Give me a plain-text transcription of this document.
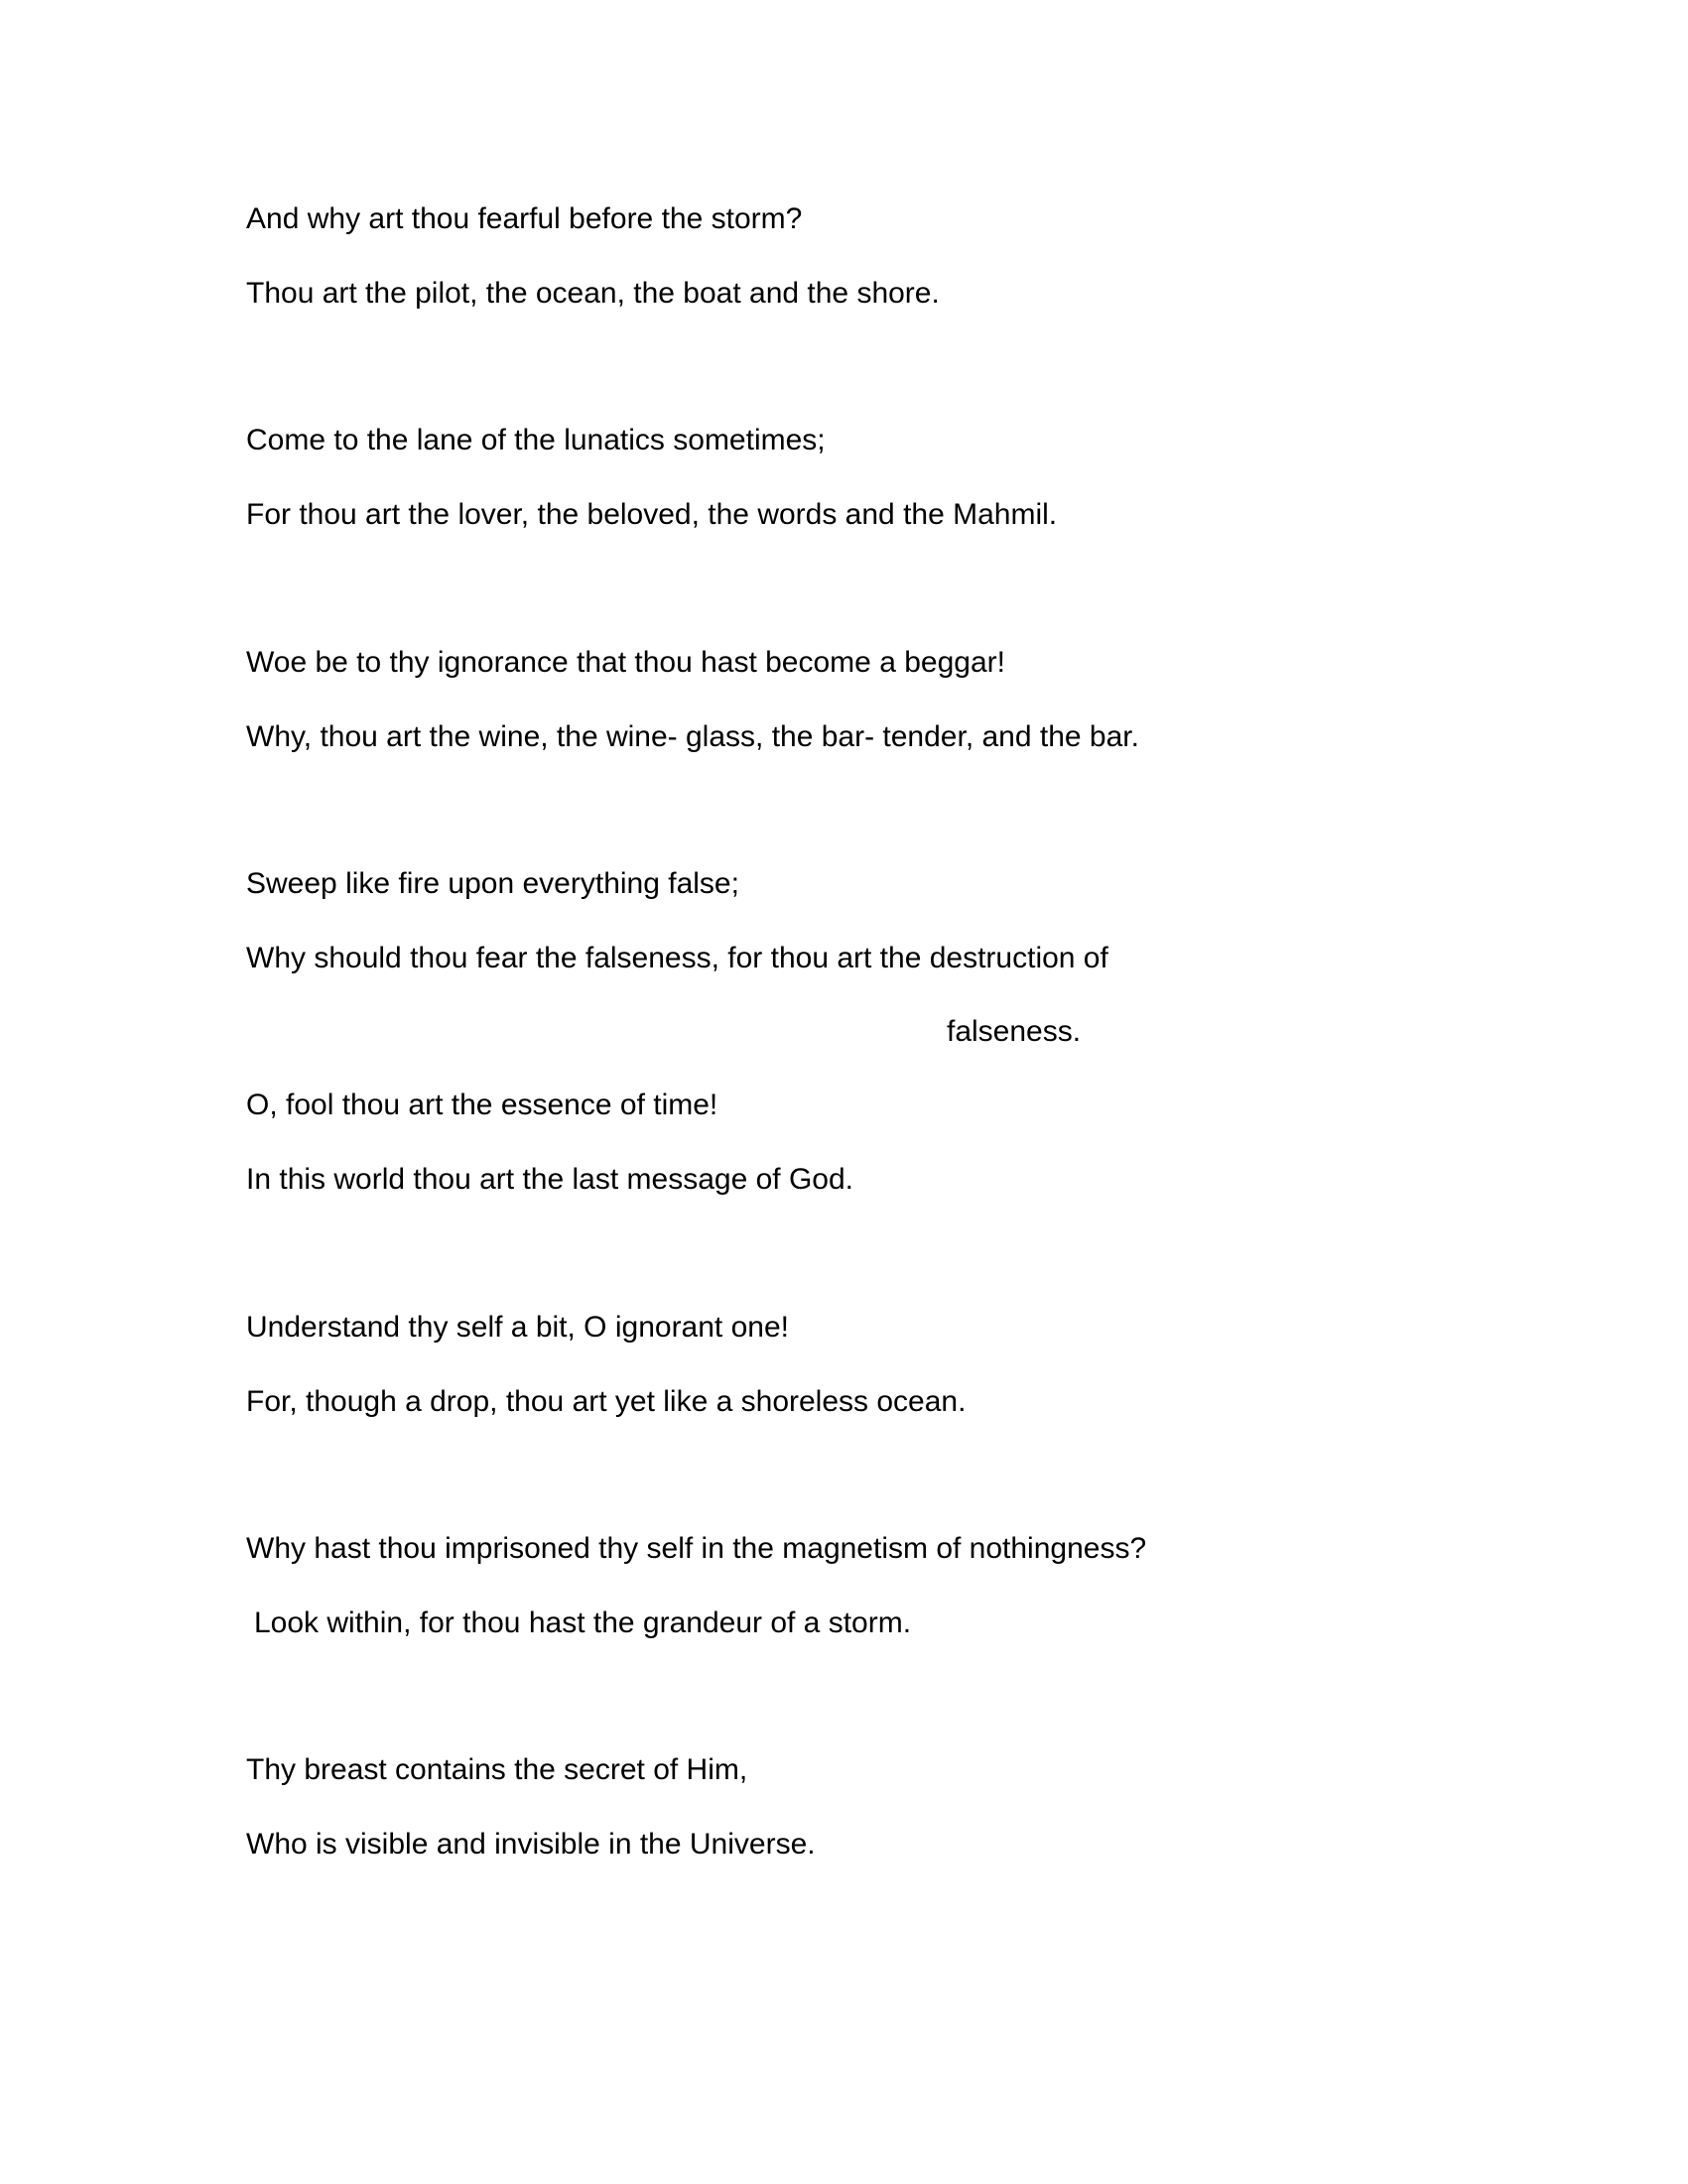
And why art thou fearful before the storm?
Thou art the pilot, the ocean, the boat and the shore.
Come to the lane of the lunatics sometimes;
For thou art the lover, the beloved, the words and the Mahmil.
Woe be to thy ignorance that thou hast become a beggar!
Why, thou art the wine, the wine- glass, the bar- tender, and the bar.
Sweep like fire upon everything false;
Why should thou fear the falseness, for thou art the destruction of
falseness.
O, fool thou art the essence of time!
In this world thou art the last message of God.
Understand thy self a bit, O ignorant one!
For, though a drop, thou art yet like a shoreless ocean.
Why hast thou imprisoned thy self in the magnetism of nothingness?
Look within, for thou hast the grandeur of a storm.
Thy breast contains the secret of Him,
Who is visible and invisible in the Universe.
